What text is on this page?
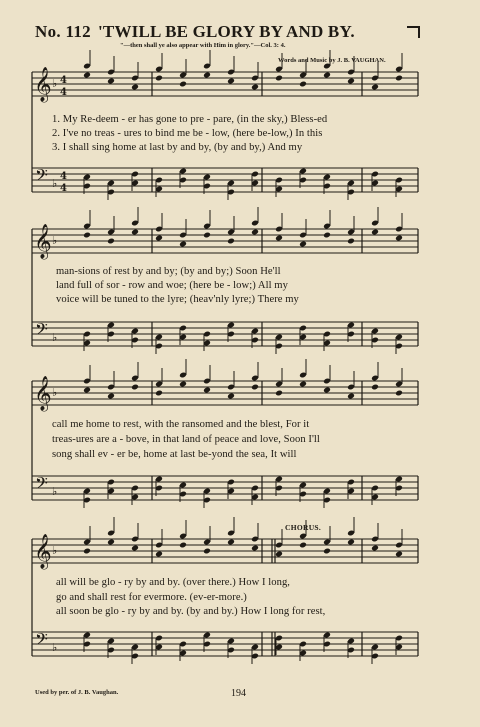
No. 112 'TWILL BE GLORY BY AND BY.
"—then shall ye also appear with Him in glory."—Col. 3: 4.
Words and Music by J. B. VAUGHAN.
𝄞
𝄢
♭
♭
4
4
4
4
𝄞
𝄢
♭
♭
𝄞
𝄢
♭
♭
𝄞
𝄢
♭
♭
1. My Re-deem - er has gone to pre - pare, (in the sky,) Bless-ed
2. I've no treas - ures to bind me be - low, (here be-low,) In this
3. I shall sing home at last by and by, (by and by,) And my
man-sions of rest by and by; (by and by;) Soon He'll
land full of sor - row and woe; (here be - low;) All my
voice will be tuned to the lyre; (heav'nly lyre;) There my
call me home to rest, with the ransomed and the blest, For it
treas-ures are a - bove, in that land of peace and love, Soon I'll
song shall ev - er be, home at last be-yond the sea, It will
CHORUS.
all will be glo - ry by and by. (over there.) How I long,
go and shall rest for evermore. (ev-er-more.)
all soon be glo - ry by and by. (by and by.) How I long for rest,
Used by per. of J. B. Vaughan.	194
